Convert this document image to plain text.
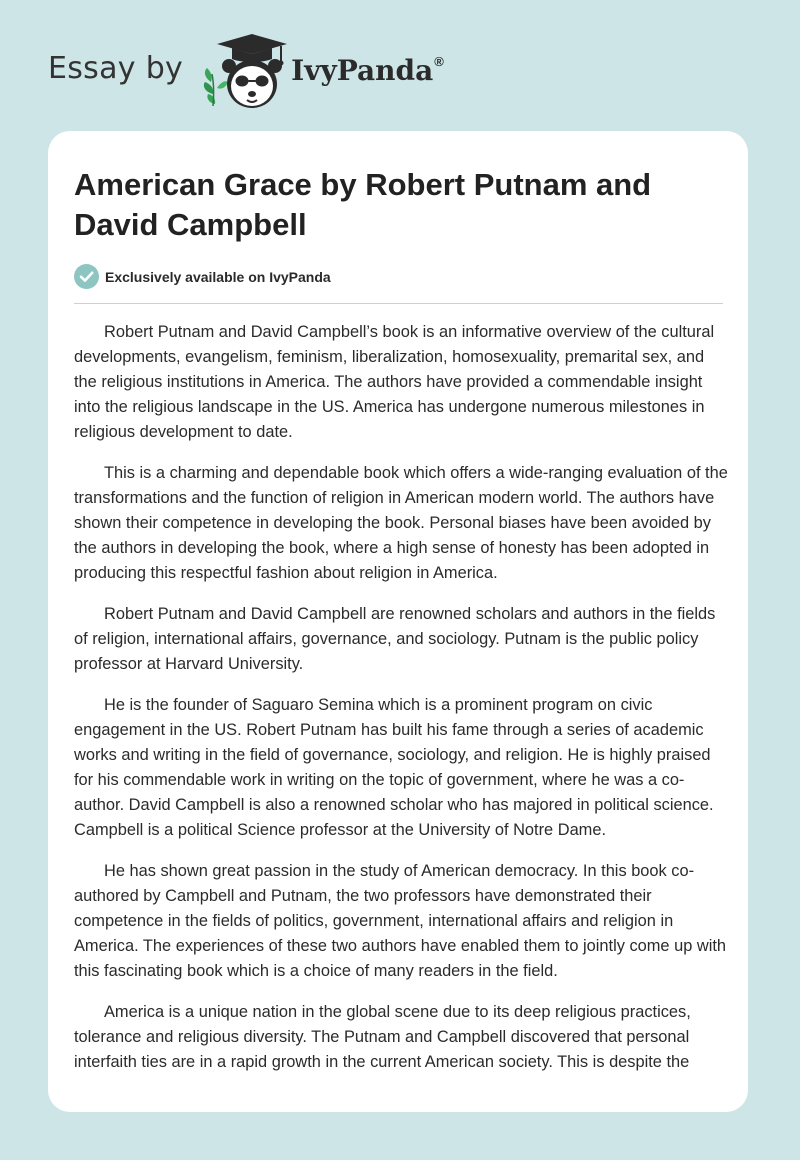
Essay by	IvyPanda®
American Grace by Robert Putnam and David Campbell
Exclusively available on IvyPanda

Robert Putnam and David Campbell’s book is an informative overview of the cultural developments, evangelism, feminism, liberalization, homosexuality, premarital sex, and the religious institutions in America. The authors have provided a commendable insight into the religious landscape in the US. America has undergone numerous milestones in religious development to date.

This is a charming and dependable book which offers a wide-ranging evaluation of the transformations and the function of religion in American modern world. The authors have shown their competence in developing the book. Personal biases have been avoided by the authors in developing the book, where a high sense of honesty has been adopted in producing this respectful fashion about religion in America.

Robert Putnam and David Campbell are renowned scholars and authors in the fields of religion, international affairs, governance, and sociology. Putnam is the public policy professor at Harvard University.

He is the founder of Saguaro Semina which is a prominent program on civic engagement in the US. Robert Putnam has built his fame through a series of academic works and writing in the field of governance, sociology, and religion. He is highly praised for his commendable work in writing on the topic of government, where he was a co-author. David Campbell is also a renowned scholar who has majored in political science. Campbell is a political Science professor at the University of Notre Dame.

He has shown great passion in the study of American democracy. In this book co-authored by Campbell and Putnam, the two professors have demonstrated their competence in the fields of politics, government, international affairs and religion in America. The experiences of these two authors have enabled them to jointly come up with this fascinating book which is a choice of many readers in the field.

America is a unique nation in the global scene due to its deep religious practices, tolerance and religious diversity. The Putnam and Campbell discovered that personal interfaith ties are in a rapid growth in the current American society. This is despite the
